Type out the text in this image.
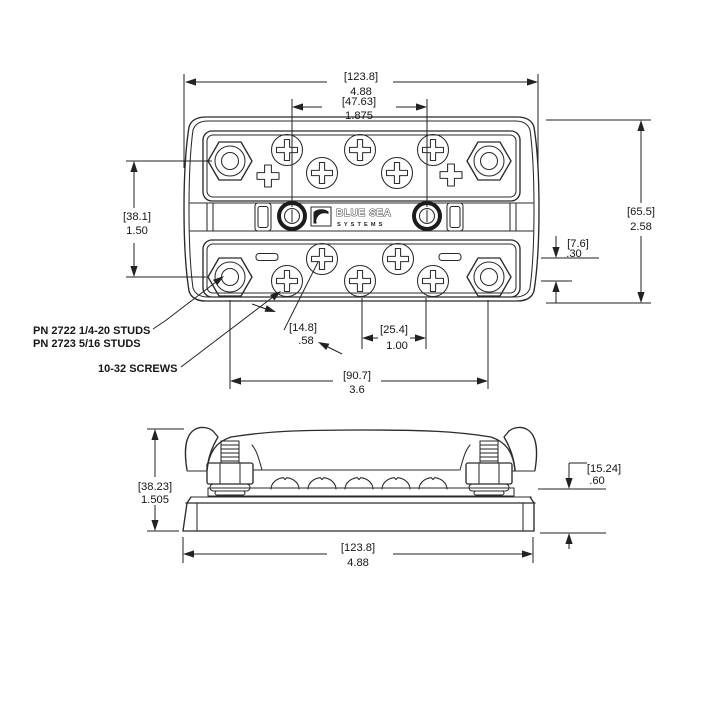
BLUE SEA
SYSTEMS
[123.8]
4.88
[47.63]
1.875
[65.5]
2.58
[38.1]
1.50
[7.6]
.30
[14.8]
.58
[25.4]
1.00
[90.7]
3.6
[38.23]
1.505
[15.24]
.60
[123.8]
4.88
PN 2722 1/4-20 STUDS
PN 2723 5/16 STUDS
10-32 SCREWS
